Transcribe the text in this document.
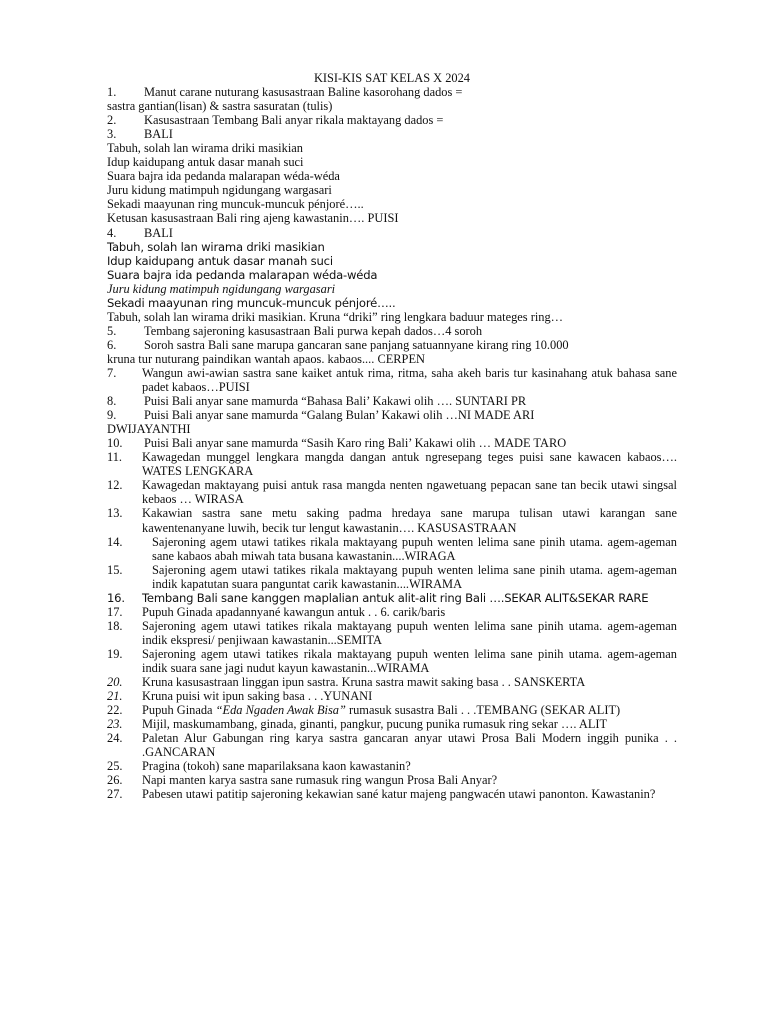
KISI-KIS SAT KELAS X 2024
1. Manut carane nuturang kasusastraan Baline kasorohang dados =
sastra gantian(lisan) & sastra sasuratan (tulis)
2. Kasusastraan Tembang Bali anyar rikala maktayang dados =
3. BALI
Tabuh, solah lan wirama driki masikian
Idup kaidupang antuk dasar manah suci
Suara bajra ida pedanda malarapan wéda-wéda
Juru kidung matimpuh ngidungang wargasari
Sekadi maayunan ring muncuk-muncuk pénjoré…..
Ketusan kasusastraan Bali ring ajeng kawastanin…. PUISI
4. BALI
Tabuh, solah lan wirama driki masikian
Idup kaidupang antuk dasar manah suci
Suara bajra ida pedanda malarapan wéda-wéda
Juru kidung matimpuh ngidungang wargasari
Sekadi maayunan ring muncuk-muncuk pénjoré…..
Tabuh, solah lan wirama driki masikian. Kruna “driki” ring lengkara baduur mateges ring…
5. Tembang sajeroning kasusastraan Bali purwa kepah dados…4 soroh
6. Soroh sastra Bali sane marupa gancaran sane panjang satuannyane kirang ring 10.000
kruna tur nuturang paindikan wantah apaos. kabaos.... CERPEN
7.	Wangun awi-awian sastra sane kaiket antuk rima, ritma, saha akeh baris tur kasinahang atuk bahasa sane padet kabaos…PUISI
8. Puisi Bali anyar sane mamurda “Bahasa Bali’ Kakawi olih …. SUNTARI PR
9. Puisi Bali anyar sane mamurda “Galang Bulan’ Kakawi olih …NI MADE ARI
DWIJAYANTHI
10. Puisi Bali anyar sane mamurda “Sasih Karo ring Bali’ Kakawi olih … MADE TARO
11.	Kawagedan munggel lengkara mangda dangan antuk ngresepang teges puisi sane kawacen kabaos…. WATES LENGKARA
12.	Kawagedan maktayang puisi antuk rasa mangda nenten ngawetuang pepacan sane tan becik utawi singsal kebaos … WIRASA
13.	Kakawian sastra sane metu saking padma hredaya sane marupa tulisan utawi karangan sane kawentenanyane luwih, becik tur lengut kawastanin…. KASUSASTRAAN
14.	Sajeroning agem utawi tatikes rikala maktayang pupuh wenten lelima sane pinih utama. agem-ageman sane kabaos abah miwah tata busana kawastanin....WIRAGA
15.	Sajeroning agem utawi tatikes rikala maktayang pupuh wenten lelima sane pinih utama. agem-ageman indik kapatutan suara panguntat carik kawastanin....WIRAMA
16.	Tembang Bali sane kanggen maplalian antuk alit-alit ring Bali ….SEKAR ALIT&SEKAR RARE
17.	Pupuh Ginada apadannyané kawangun antuk . . 6. carik/baris
18.	Sajeroning agem utawi tatikes rikala maktayang pupuh wenten lelima sane pinih utama. agem-ageman indik ekspresi/ penjiwaan kawastanin...SEMITA
19.	Sajeroning agem utawi tatikes rikala maktayang pupuh wenten lelima sane pinih utama. agem-ageman indik suara sane jagi nudut kayun kawastanin...WIRAMA
20.	Kruna kasusastraan linggan ipun sastra. Kruna sastra mawit saking basa . . SANSKERTA
21.	Kruna puisi wit ipun saking basa . . .YUNANI
22.	Pupuh Ginada “Eda Ngaden Awak Bisa” rumasuk susastra Bali . . .TEMBANG (SEKAR ALIT)
23.	Mijil, maskumambang, ginada, ginanti, pangkur, pucung punika rumasuk ring sekar …. ALIT
24.	Paletan Alur Gabungan ring karya sastra gancaran anyar utawi Prosa Bali Modern inggih punika . . .GANCARAN
25.	Pragina (tokoh) sane maparilaksana kaon kawastanin?
26.	Napi manten karya sastra sane rumasuk ring wangun Prosa Bali Anyar?
27.	Pabesen utawi patitip sajeroning kekawian sané katur majeng pangwacén utawi panonton. Kawastanin?
